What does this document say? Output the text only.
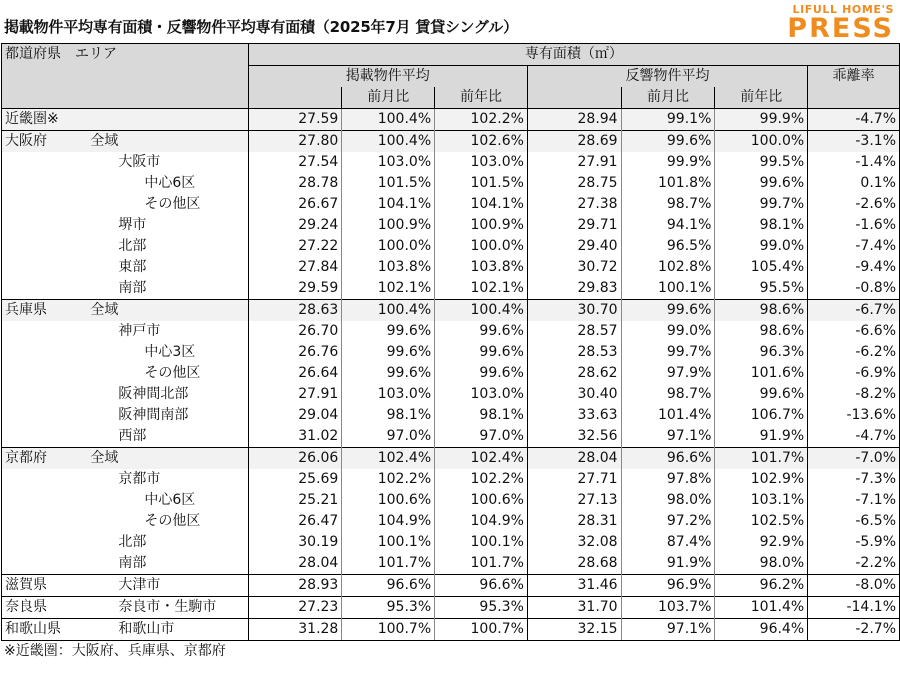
掲載物件平均専有面積・反響物件平均専有面積（2025年7月 賃貸シングル）
LIFULL HOME'S
PRESS
都道府県　エリア		専有面積（㎡）						
		掲載物件平均			反響物件平均			乖離率
			前月比	前年比		前月比	前年比	
近畿圏※		27.59	100.4%	102.2%	28.94	99.1%	99.9%	-4.7%
大阪府	全域	27.80	100.4%	102.6%	28.69	99.6%	100.0%	-3.1%
	大阪市	27.54	103.0%	103.0%	27.91	99.9%	99.5%	-1.4%
	中心6区	28.78	101.5%	101.5%	28.75	101.8%	99.6%	0.1%
	その他区	26.67	104.1%	104.1%	27.38	98.7%	99.7%	-2.6%
	堺市	29.24	100.9%	100.9%	29.71	94.1%	98.1%	-1.6%
	北部	27.22	100.0%	100.0%	29.40	96.5%	99.0%	-7.4%
	東部	27.84	103.8%	103.8%	30.72	102.8%	105.4%	-9.4%
	南部	29.59	102.1%	102.1%	29.83	100.1%	95.5%	-0.8%
兵庫県	全域	28.63	100.4%	100.4%	30.70	99.6%	98.6%	-6.7%
	神戸市	26.70	99.6%	99.6%	28.57	99.0%	98.6%	-6.6%
	中心3区	26.76	99.6%	99.6%	28.53	99.7%	96.3%	-6.2%
	その他区	26.64	99.6%	99.6%	28.62	97.9%	101.6%	-6.9%
	阪神間北部	27.91	103.0%	103.0%	30.40	98.7%	99.6%	-8.2%
	阪神間南部	29.04	98.1%	98.1%	33.63	101.4%	106.7%	-13.6%
	西部	31.02	97.0%	97.0%	32.56	97.1%	91.9%	-4.7%
京都府	全域	26.06	102.4%	102.4%	28.04	96.6%	101.7%	-7.0%
	京都市	25.69	102.2%	102.2%	27.71	97.8%	102.9%	-7.3%
	中心6区	25.21	100.6%	100.6%	27.13	98.0%	103.1%	-7.1%
	その他区	26.47	104.9%	104.9%	28.31	97.2%	102.5%	-6.5%
	北部	30.19	100.1%	100.1%	32.08	87.4%	92.9%	-5.9%
	南部	28.04	101.7%	101.7%	28.68	91.9%	98.0%	-2.2%
滋賀県	大津市	28.93	96.6%	96.6%	31.46	96.9%	96.2%	-8.0%
奈良県	奈良市・生駒市	27.23	95.3%	95.3%	31.70	103.7%	101.4%	-14.1%
和歌山県	和歌山市	31.28	100.7%	100.7%	32.15	97.1%	96.4%	-2.7%
※近畿圏：大阪府、兵庫県、京都府
